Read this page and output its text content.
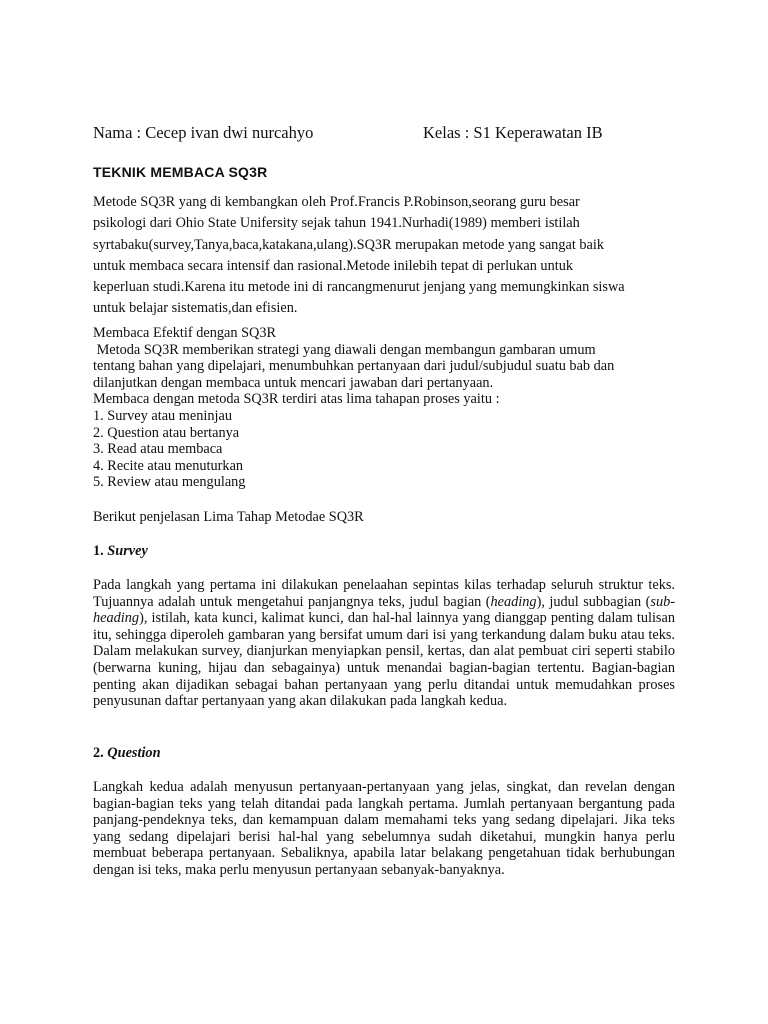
Nama : Cecep ivan dwi nurcahyo	Kelas : S1 Keperawatan IB
TEKNIK MEMBACA SQ3R
Metode SQ3R yang di kembangkan oleh Prof.Francis P.Robinson,seorang guru besar
psikologi dari Ohio State Unifersity sejak tahun 1941.Nurhadi(1989) memberi istilah
syrtabaku(survey,Tanya,baca,katakana,ulang).SQ3R merupakan metode yang sangat baik
untuk membaca secara intensif dan rasional.Metode inilebih tepat di perlukan untuk
keperluan studi.Karena itu metode ini di rancangmenurut jenjang yang memungkinkan siswa
untuk belajar sistematis,dan efisien.
Membaca Efektif dengan SQ3R
Metoda SQ3R memberikan strategi yang diawali dengan membangun gambaran umum
tentang bahan yang dipelajari, menumbuhkan pertanyaan dari judul/subjudul suatu bab dan
dilanjutkan dengan membaca untuk mencari jawaban dari pertanyaan.
Membaca dengan metoda SQ3R terdiri atas lima tahapan proses yaitu :
1. Survey atau meninjau
2. Question atau bertanya
3. Read atau membaca
4. Recite atau menuturkan
5. Review atau mengulang
Berikut penjelasan Lima Tahap Metodae SQ3R
1. Survey
Pada langkah yang pertama ini dilakukan penelaahan sepintas kilas terhadap seluruh struktur teks. Tujuannya adalah untuk mengetahui panjangnya teks, judul bagian (heading), judul subbagian (sub-heading), istilah, kata kunci, kalimat kunci, dan hal-hal lainnya yang dianggap penting dalam tulisan itu, sehingga diperoleh gambaran yang bersifat umum dari isi yang terkandung dalam buku atau teks. Dalam melakukan survey, dianjurkan menyiapkan pensil, kertas, dan alat pembuat ciri seperti stabilo (berwarna kuning, hijau dan sebagainya) untuk menandai bagian-bagian tertentu. Bagian-bagian penting akan dijadikan sebagai bahan pertanyaan yang perlu ditandai untuk memudahkan proses penyusunan daftar pertanyaan yang akan dilakukan pada langkah kedua.
2. Question
Langkah kedua adalah menyusun pertanyaan-pertanyaan yang jelas, singkat, dan revelan dengan bagian-bagian teks yang telah ditandai pada langkah pertama. Jumlah pertanyaan bergantung pada panjang-pendeknya teks, dan kemampuan dalam memahami teks yang sedang dipelajari. Jika teks yang sedang dipelajari berisi hal-hal yang sebelumnya sudah diketahui, mungkin hanya perlu membuat beberapa pertanyaan. Sebaliknya, apabila latar belakang pengetahuan tidak berhubungan dengan isi teks, maka perlu menyusun pertanyaan sebanyak-banyaknya.
